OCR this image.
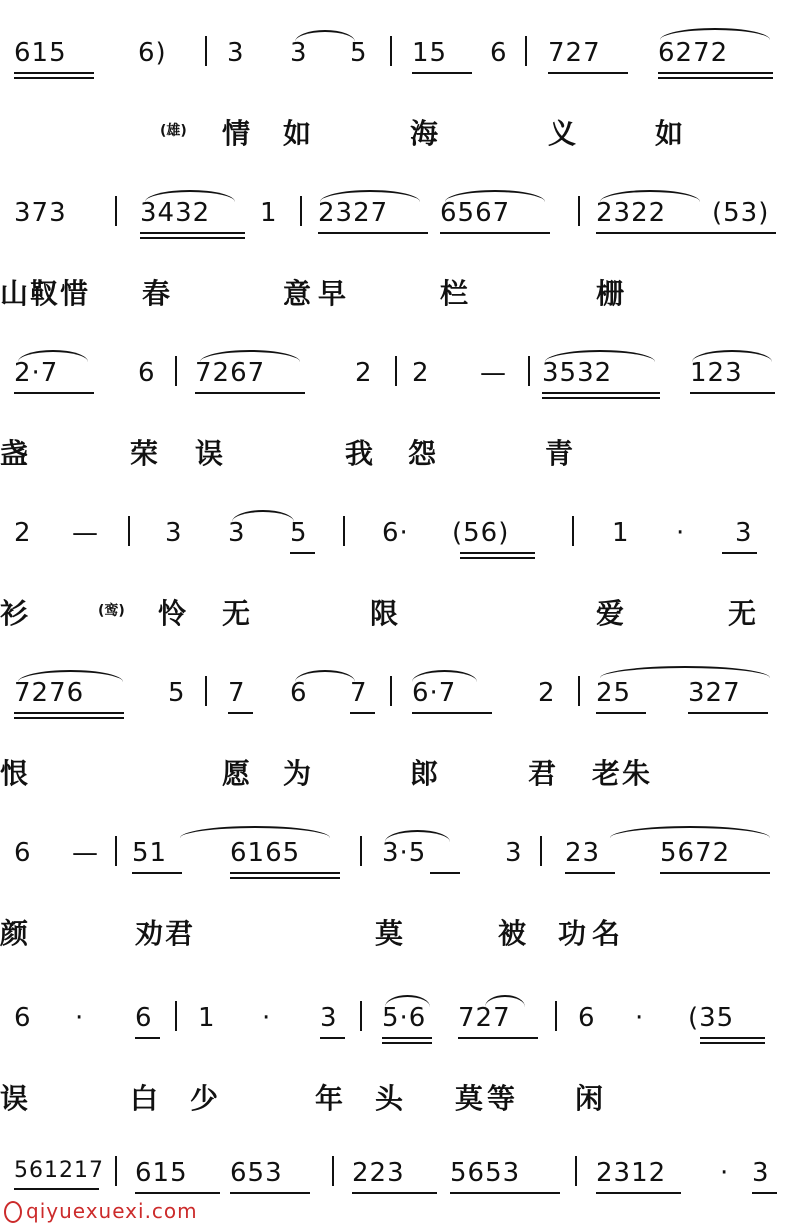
615	6) 3 3 5 15 6 727 6272
(雄) 情 如	海	义	如
373	3432 1 2327 6567	2322 (53)
山 靫 惜 春	意 早	栏	栅
2·7	6 7267	2 2 — 3532	123
盏	荣 误	我 怨	青
2 —	3 3 5	6· (56)	1 · 3
衫	(鸾) 怜 无	限	爱	无
7276	5 7 6 7 6·7	2 25 327
恨	愿 为	郎	君 老 朱
6 — 51 6165	3·5	3 23 5672
颜	劝 君	莫	被 功 名
6 · 6 1 · 3 5·6 727	6 · (35
误	白 少	年 头 莫 等 闲
561217 615 653	223 5653	2312 · 3
qiyuexuexi.com
